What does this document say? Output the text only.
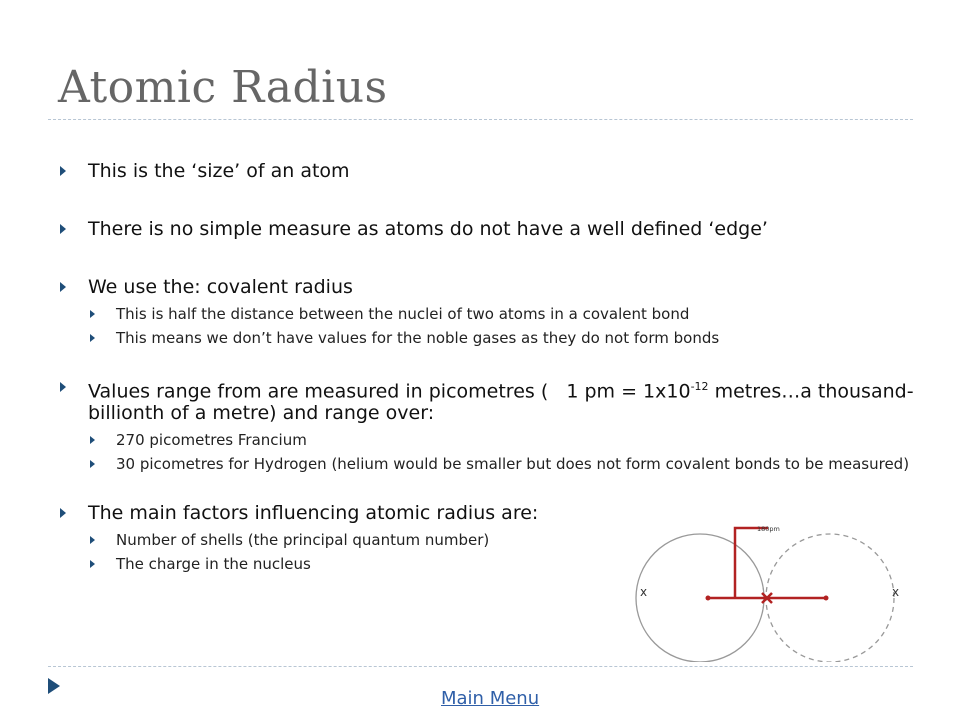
Atomic Radius
This is the ‘size’ of an atom
There is no simple measure as atoms do not have a well defined ‘edge’
We use the: covalent radius
This is half the distance between the nuclei of two atoms in a covalent bond
This means we don’t have values for the noble gases as they do not form bonds
Values range from are measured in picometres (   1 pm = $1x10^{-12}$ metres…a thousand-billionth of a metre) and range over:
270 picometres Francium
30 picometres for Hydrogen (helium would be smaller but does not form covalent bonds to be measured)
The main factors influencing atomic radius are:
Number of shells (the principal quantum number)
The charge in the nucleus
180pm
x	x
Main Menu
